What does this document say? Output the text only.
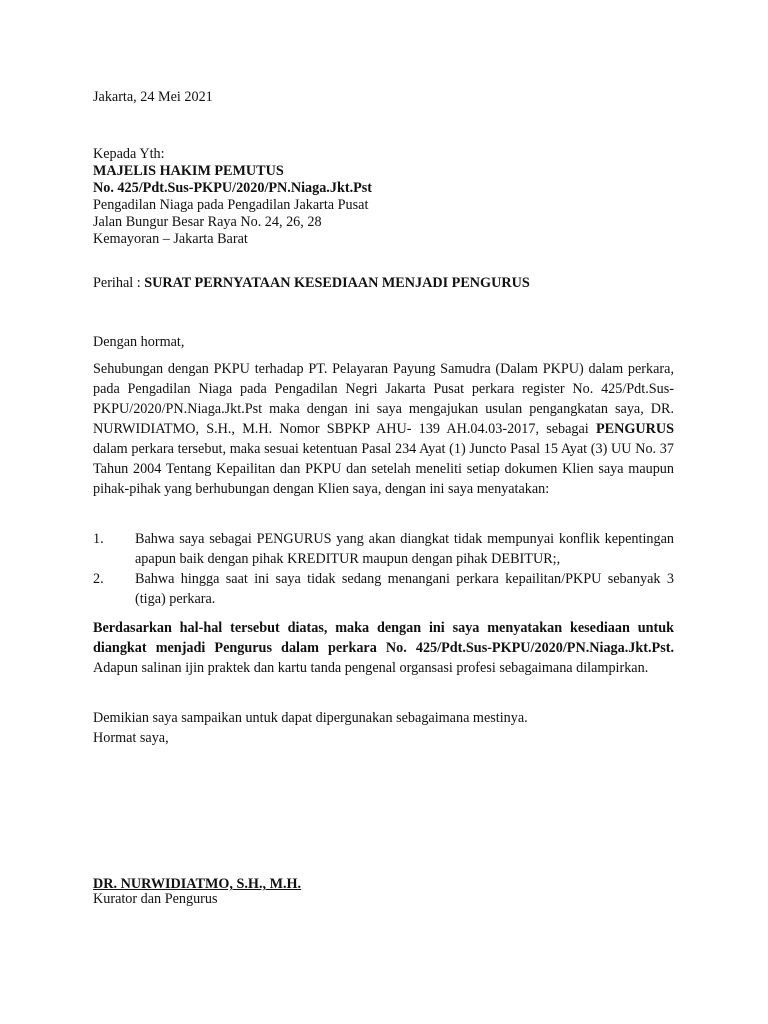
Jakarta, 24 Mei 2021
Kepada Yth:
MAJELIS HAKIM PEMUTUS
No. 425/Pdt.Sus-PKPU/2020/PN.Niaga.Jkt.Pst
Pengadilan Niaga pada Pengadilan Jakarta Pusat
Jalan Bungur Besar Raya No. 24, 26, 28
Kemayoran – Jakarta Barat
Perihal : SURAT PERNYATAAN KESEDIAAN MENJADI PENGURUS
Dengan hormat,
Sehubungan dengan PKPU terhadap PT. Pelayaran Payung Samudra (Dalam PKPU) dalam perkara, pada Pengadilan Niaga pada Pengadilan Negri Jakarta Pusat perkara register No. 425/Pdt.Sus-PKPU/2020/PN.Niaga.Jkt.Pst maka dengan ini saya mengajukan usulan pengangkatan saya, DR. NURWIDIATMO, S.H., M.H. Nomor SBPKP AHU- 139 AH.04.03-2017, sebagai PENGURUS dalam perkara tersebut, maka sesuai ketentuan Pasal 234 Ayat (1) Juncto Pasal 15 Ayat (3) UU No. 37 Tahun 2004 Tentang Kepailitan dan PKPU dan setelah meneliti setiap dokumen Klien saya maupun pihak-pihak yang berhubungan dengan Klien saya, dengan ini saya menyatakan:
1. Bahwa saya sebagai PENGURUS yang akan diangkat tidak mempunyai konflik kepentingan apapun baik dengan pihak KREDITUR maupun dengan pihak DEBITUR;,
2. Bahwa hingga saat ini saya tidak sedang menangani perkara kepailitan/PKPU sebanyak 3 (tiga) perkara.
Berdasarkan hal-hal tersebut diatas, maka dengan ini saya menyatakan kesediaan untuk diangkat menjadi Pengurus dalam perkara No. 425/Pdt.Sus-PKPU/2020/PN.Niaga.Jkt.Pst. Adapun salinan ijin praktek dan kartu tanda pengenal organsasi profesi sebagaimana dilampirkan.
Demikian saya sampaikan untuk dapat dipergunakan sebagaimana mestinya.
Hormat saya,
DR. NURWIDIATMO, S.H., M.H.
Kurator dan Pengurus
